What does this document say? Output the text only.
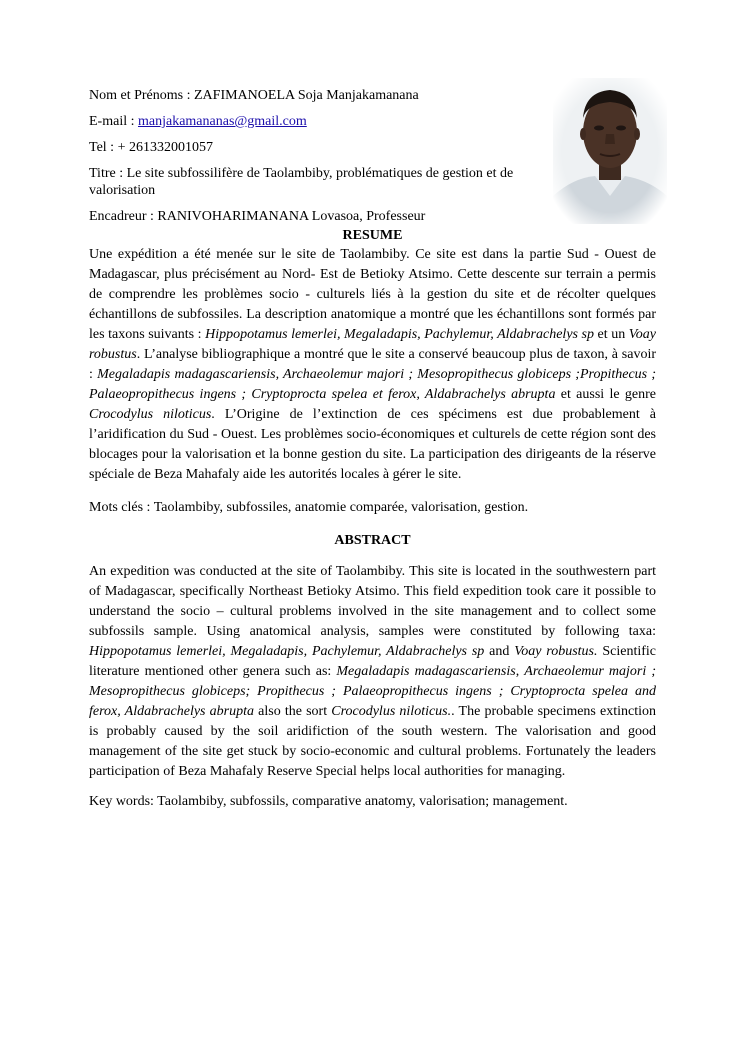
Nom et Prénoms : ZAFIMANOELA Soja Manjakamanana

E-mail : manjakamananas@gmail.com

Tel : + 261332001057

Titre : Le site subfossilifère de Taolambiby, problématiques de gestion et de valorisation

Encadreur : RANIVOHARIMANANA Lovasoa, Professeur

RESUME

Une expédition a été menée sur le site de Taolambiby. Ce site est dans la partie Sud - Ouest de Madagascar, plus précisément au Nord- Est de Betioky Atsimo. Cette descente sur terrain a permis de comprendre les problèmes socio - culturels liés à la gestion du site et de récolter quelques échantillons de subfossiles. La description anatomique a montré que les échantillons sont formés par les taxons suivants : Hippopotamus lemerlei, Megaladapis, Pachylemur, Aldabrachelys sp et un Voay robustus. L’analyse bibliographique a montré que le site a conservé beaucoup plus de taxon, à savoir : Megaladapis madagascariensis, Archaeolemur majori ; Mesopropithecus globiceps ;Propithecus ; Palaeopropithecus ingens ; Cryptoprocta spelea et ferox, Aldabrachelys abrupta et aussi le genre Crocodylus niloticus. L’Origine de l’extinction de ces spécimens est due probablement à l’aridification du Sud - Ouest. Les problèmes socio-économiques et culturels de cette région sont des blocages pour la valorisation et la bonne gestion du site. La participation des dirigeants de la réserve spéciale de Beza Mahafaly aide les autorités locales à gérer le site.

Mots clés : Taolambiby, subfossiles, anatomie comparée, valorisation, gestion.

ABSTRACT

An expedition was conducted at the site of Taolambiby. This site is located in the southwestern part of Madagascar, specifically Northeast Betioky Atsimo. This field expedition took care it possible to understand the socio – cultural problems involved in the site management and to collect some subfossils sample. Using anatomical analysis, samples were constituted by following taxa: Hippopotamus lemerlei, Megaladapis, Pachylemur, Aldabrachelys sp and Voay robustus. Scientific literature mentioned other genera such as: Megaladapis madagascariensis, Archaeolemur majori ; Mesopropithecus globiceps; Propithecus ; Palaeopropithecus ingens ; Cryptoprocta spelea and ferox, Aldabrachelys abrupta also the sort Crocodylus niloticus.. The probable specimens extinction is probably caused by the soil aridifiction of the south western. The valorisation and good management of the site get stuck by socio-economic and cultural problems. Fortunately the leaders participation of Beza Mahafaly Reserve Special helps local authorities for managing.

Key words: Taolambiby, subfossils, comparative anatomy, valorisation; management.
